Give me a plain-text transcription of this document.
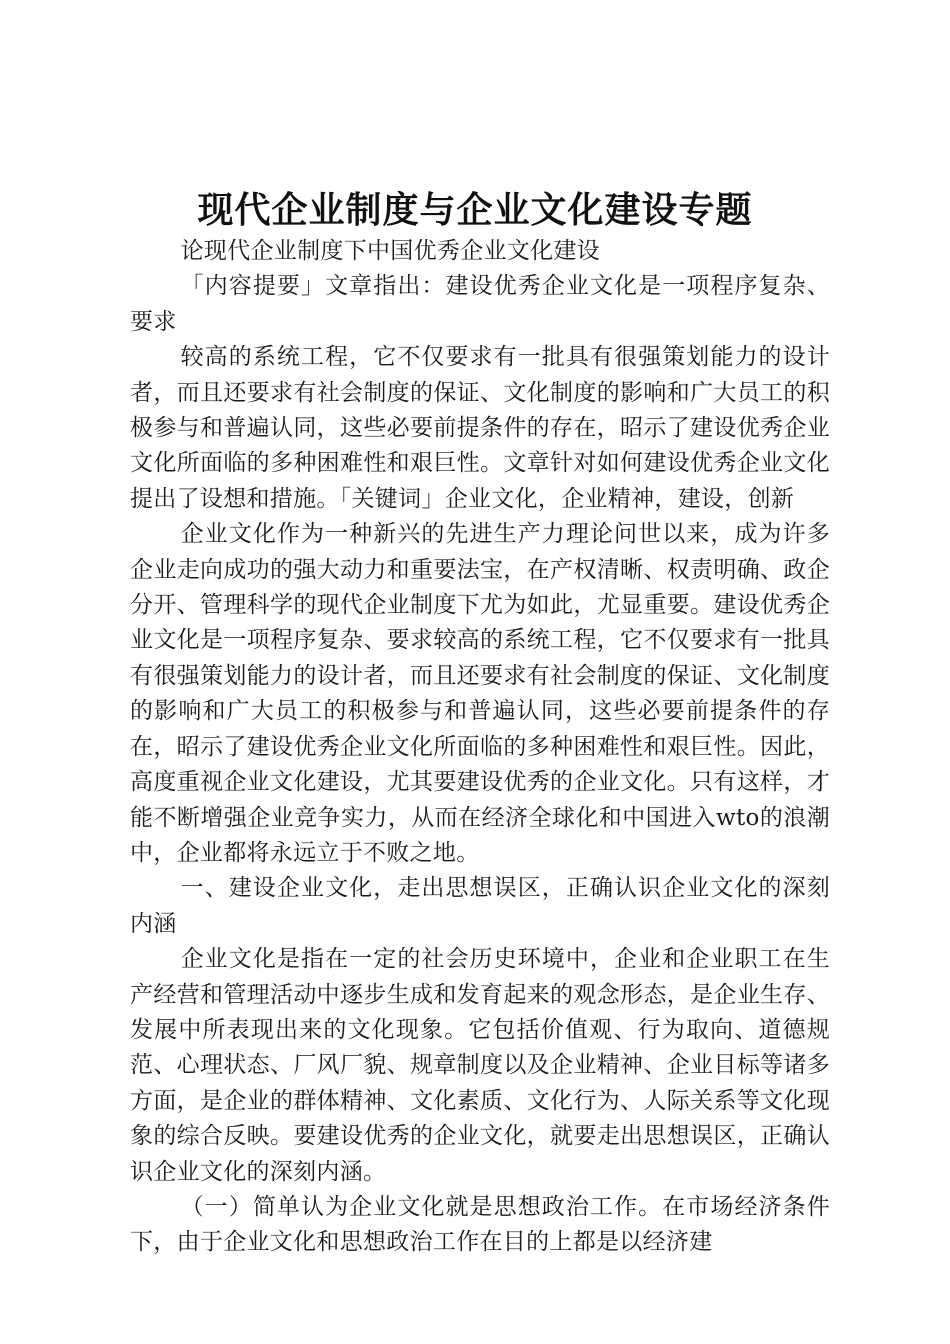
现代企业制度与企业文化建设专题

论现代企业制度下中国优秀企业文化建设

「内容提要」文章指出：建设优秀企业文化是一项程序复杂、要求

较高的系统工程，它不仅要求有一批具有很强策划能力的设计者，而且还要求有社会制度的保证、文化制度的影响和广大员工的积极参与和普遍认同，这些必要前提条件的存在，昭示了建设优秀企业文化所面临的多种困难性和艰巨性。文章针对如何建设优秀企业文化提出了设想和措施。「关键词」企业文化，企业精神，建设，创新

企业文化作为一种新兴的先进生产力理论问世以来，成为许多企业走向成功的强大动力和重要法宝，在产权清晰、权责明确、政企分开、管理科学的现代企业制度下尤为如此，尤显重要。建设优秀企业文化是一项程序复杂、要求较高的系统工程，它不仅要求有一批具有很强策划能力的设计者，而且还要求有社会制度的保证、文化制度的影响和广大员工的积极参与和普遍认同，这些必要前提条件的存在，昭示了建设优秀企业文化所面临的多种困难性和艰巨性。因此，高度重视企业文化建设，尤其要建设优秀的企业文化。只有这样，才能不断增强企业竞争实力，从而在经济全球化和中国进入wto的浪潮中，企业都将永远立于不败之地。

一、建设企业文化，走出思想误区，正确认识企业文化的深刻内涵

企业文化是指在一定的社会历史环境中，企业和企业职工在生产经营和管理活动中逐步生成和发育起来的观念形态，是企业生存、发展中所表现出来的文化现象。它包括价值观、行为取向、道德规范、心理状态、厂风厂貌、规章制度以及企业精神、企业目标等诸多方面，是企业的群体精神、文化素质、文化行为、人际关系等文化现象的综合反映。要建设优秀的企业文化，就要走出思想误区，正确认识企业文化的深刻内涵。

（一）简单认为企业文化就是思想政治工作。在市场经济条件下，由于企业文化和思想政治工作在目的上都是以经济建
